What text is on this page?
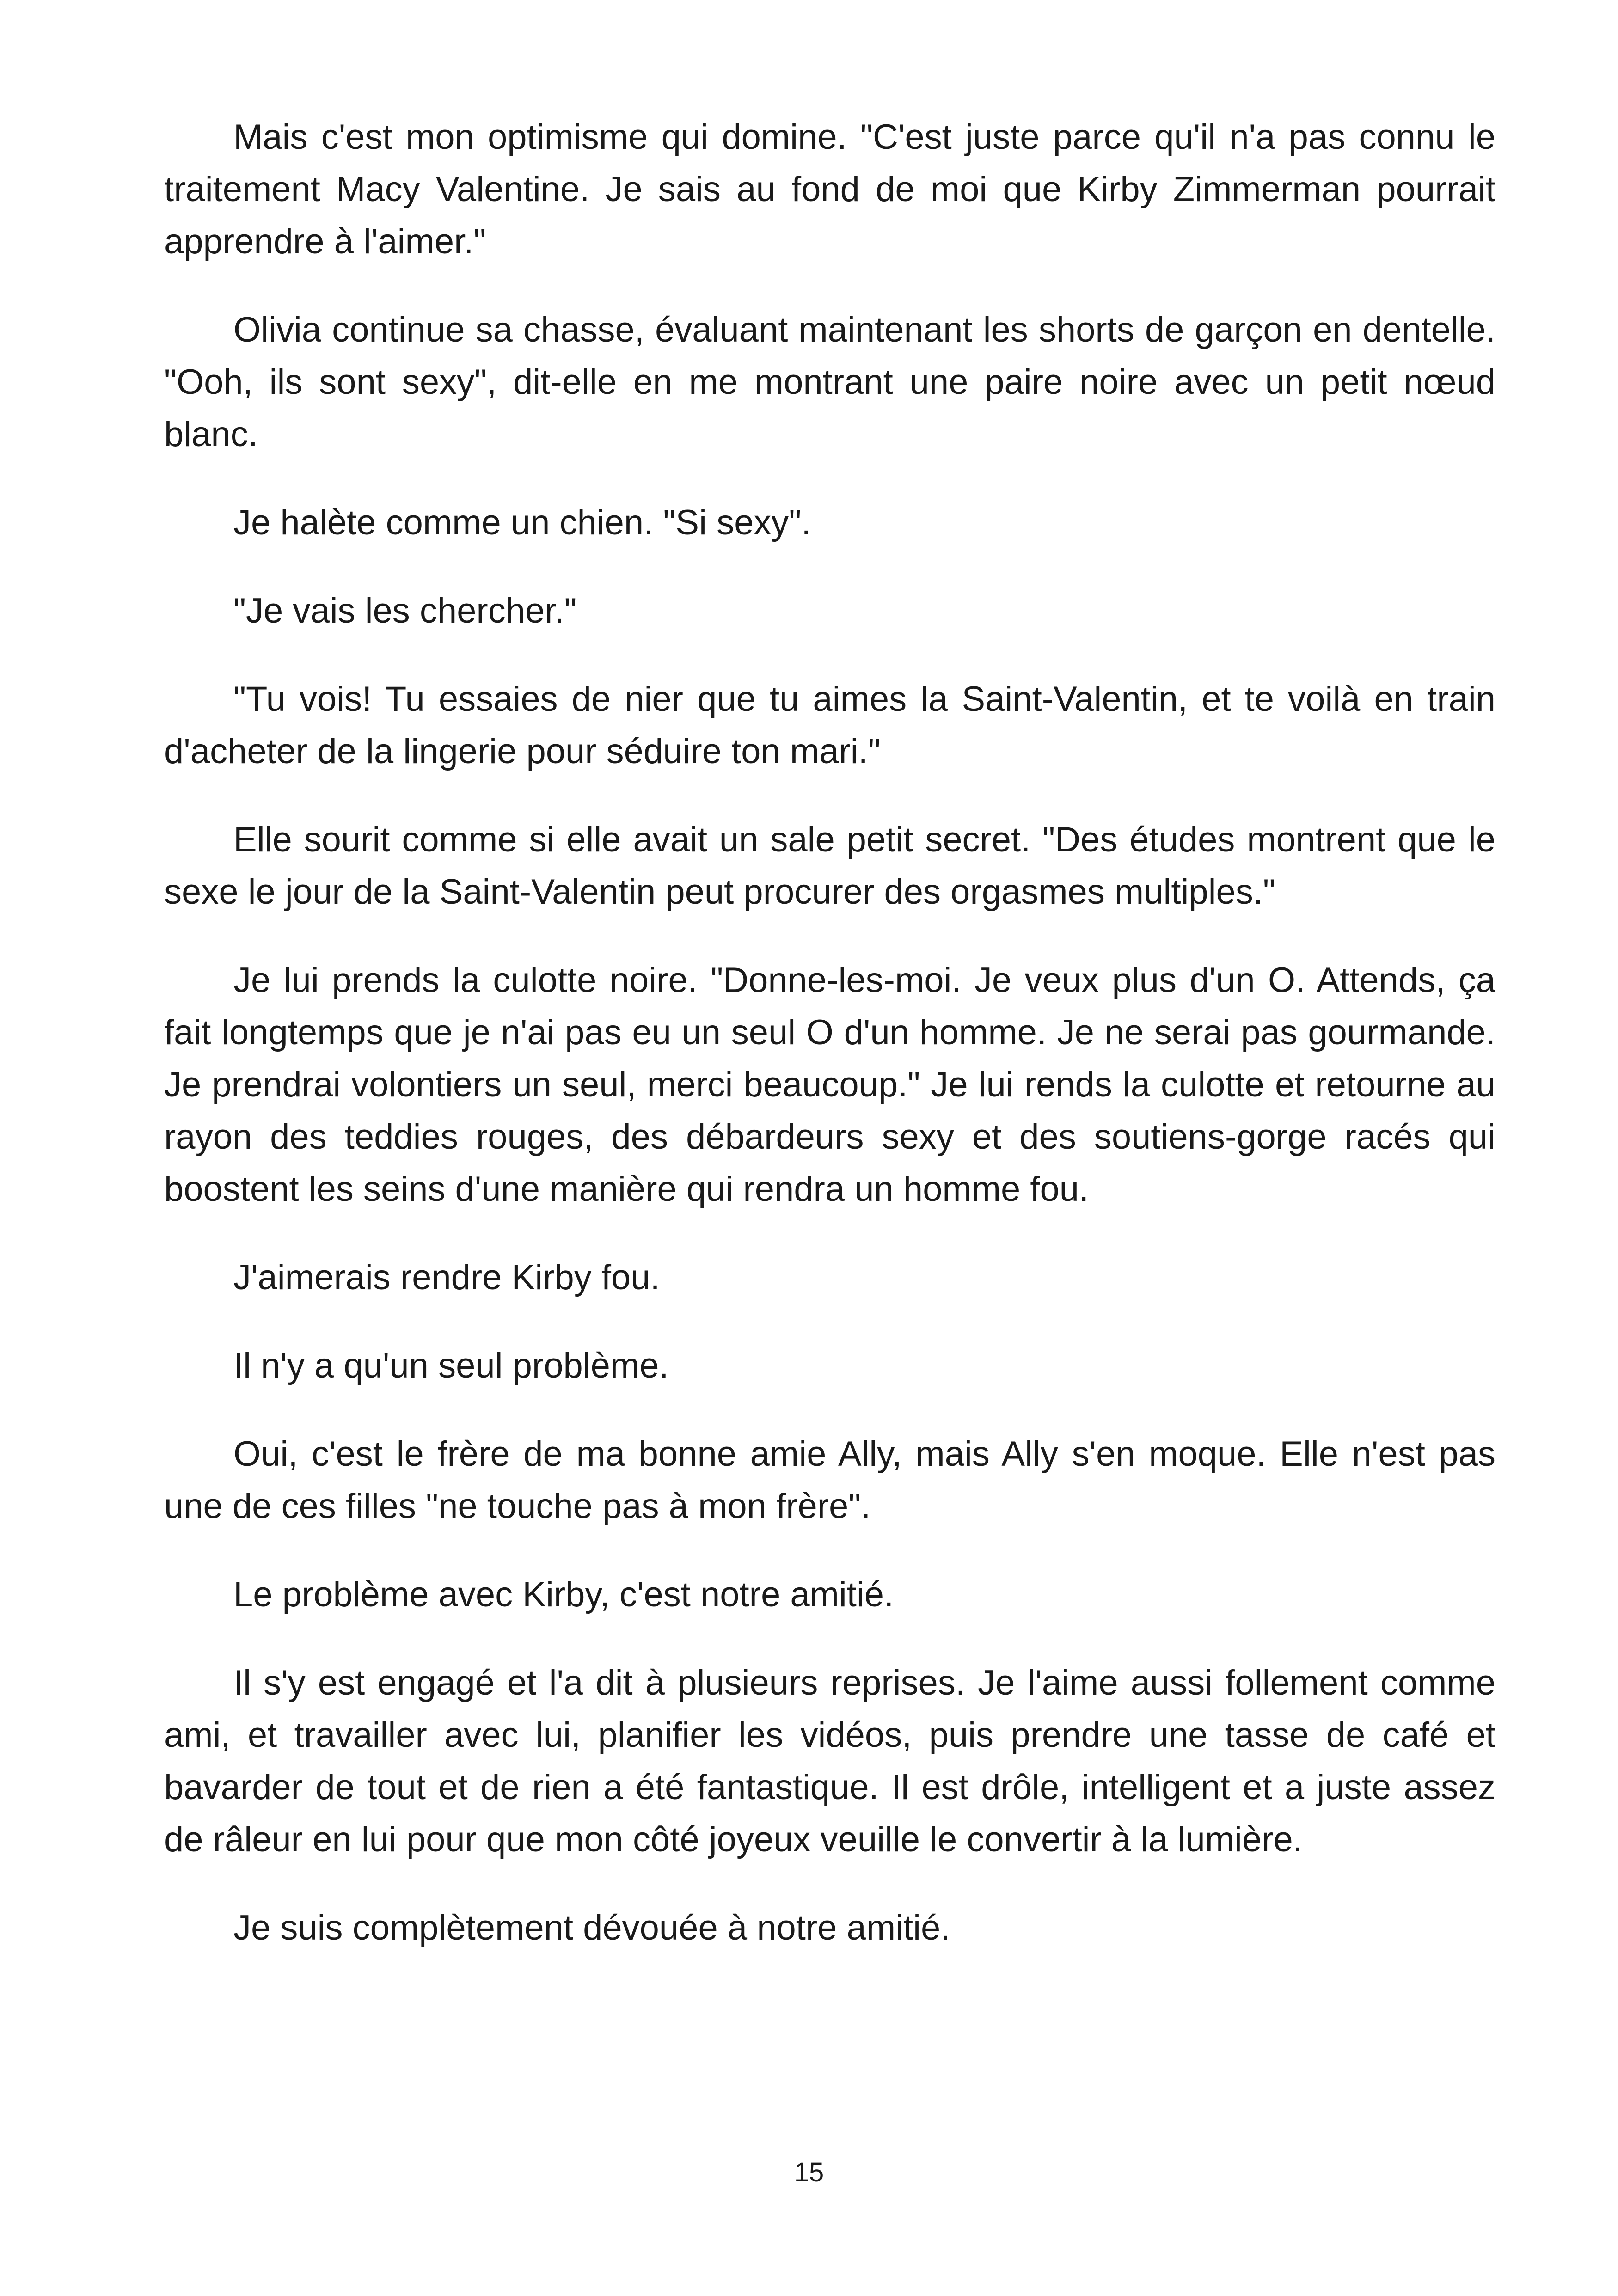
Mais c'est mon optimisme qui domine. "C'est juste parce qu'il n'a pas connu le traitement Macy Valentine. Je sais au fond de moi que Kirby Zimmerman pourrait apprendre à l'aimer."

Olivia continue sa chasse, évaluant maintenant les shorts de garçon en dentelle. "Ooh, ils sont sexy", dit-elle en me montrant une paire noire avec un petit nœud blanc.

Je halète comme un chien. "Si sexy".

"Je vais les chercher."

"Tu vois! Tu essaies de nier que tu aimes la Saint-Valentin, et te voilà en train d'acheter de la lingerie pour séduire ton mari."

Elle sourit comme si elle avait un sale petit secret. "Des études montrent que le sexe le jour de la Saint-Valentin peut procurer des orgasmes multiples."

Je lui prends la culotte noire. "Donne-les-moi. Je veux plus d'un O. Attends, ça fait longtemps que je n'ai pas eu un seul O d'un homme. Je ne serai pas gourmande. Je prendrai volontiers un seul, merci beaucoup." Je lui rends la culotte et retourne au rayon des teddies rouges, des débardeurs sexy et des soutiens-gorge racés qui boostent les seins d'une manière qui rendra un homme fou.

J'aimerais rendre Kirby fou.

Il n'y a qu'un seul problème.

Oui, c'est le frère de ma bonne amie Ally, mais Ally s'en moque. Elle n'est pas une de ces filles "ne touche pas à mon frère".

Le problème avec Kirby, c'est notre amitié.

Il s'y est engagé et l'a dit à plusieurs reprises. Je l'aime aussi follement comme ami, et travailler avec lui, planifier les vidéos, puis prendre une tasse de café et bavarder de tout et de rien a été fantastique. Il est drôle, intelligent et a juste assez de râleur en lui pour que mon côté joyeux veuille le convertir à la lumière.

Je suis complètement dévouée à notre amitié.

15
